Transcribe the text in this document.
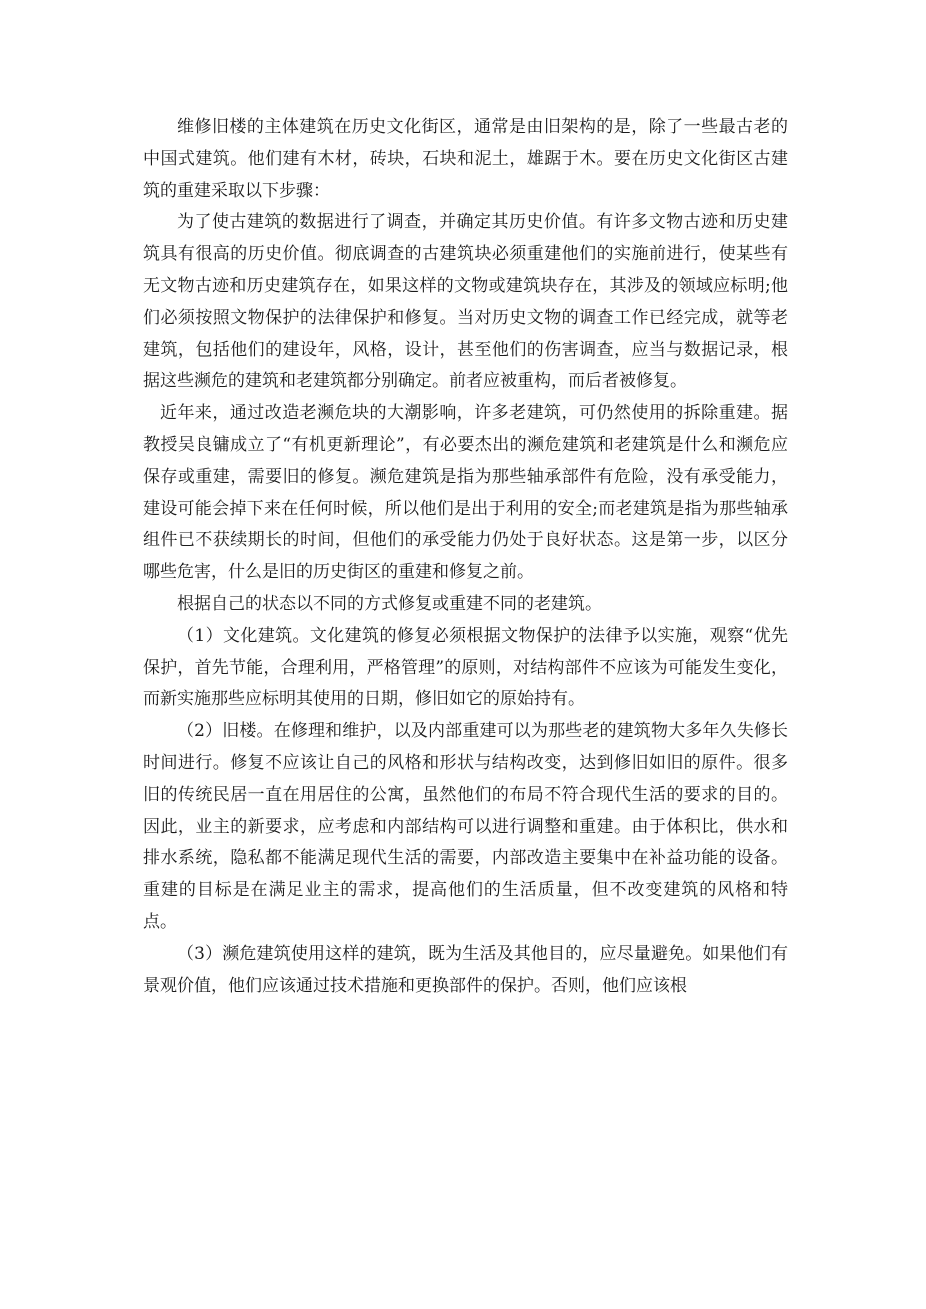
维修旧楼的主体建筑在历史文化街区，通常是由旧架构的是，除了一些最古老的中国式建筑。他们建有木材，砖块，石块和泥土，雄踞于木。要在历史文化街区古建筑的重建采取以下步骤：

为了使古建筑的数据进行了调查，并确定其历史价值。有许多文物古迹和历史建筑具有很高的历史价值。彻底调查的古建筑块必须重建他们的实施前进行，使某些有无文物古迹和历史建筑存在，如果这样的文物或建筑块存在，其涉及的领域应标明;他们必须按照文物保护的法律保护和修复。当对历史文物的调查工作已经完成，就等老建筑，包括他们的建设年，风格，设计，甚至他们的伤害调查，应当与数据记录，根据这些濒危的建筑和老建筑都分别确定。前者应被重构，而后者被修复。

近年来，通过改造老濒危块的大潮影响，许多老建筑，可仍然使用的拆除重建。据教授吴良镛成立了“有机更新理论”，有必要杰出的濒危建筑和老建筑是什么和濒危应保存或重建，需要旧的修复。濒危建筑是指为那些轴承部件有危险，没有承受能力，建设可能会掉下来在任何时候，所以他们是出于利用的安全;而老建筑是指为那些轴承组件已不获续期长的时间，但他们的承受能力仍处于良好状态。这是第一步，以区分哪些危害，什么是旧的历史街区的重建和修复之前。

根据自己的状态以不同的方式修复或重建不同的老建筑。

（1）文化建筑。文化建筑的修复必须根据文物保护的法律予以实施，观察“优先保护，首先节能，合理利用，严格管理”的原则，对结构部件不应该为可能发生变化，而新实施那些应标明其使用的日期，修旧如它的原始持有。

（2）旧楼。在修理和维护，以及内部重建可以为那些老的建筑物大多年久失修长时间进行。修复不应该让自己的风格和形状与结构改变，达到修旧如旧的原件。很多旧的传统民居一直在用居住的公寓，虽然他们的布局不符合现代生活的要求的目的。因此，业主的新要求，应考虑和内部结构可以进行调整和重建。由于体积比，供水和排水系统，隐私都不能满足现代生活的需要，内部改造主要集中在补益功能的设备。重建的目标是在满足业主的需求，提高他们的生活质量，但不改变建筑的风格和特点。

（3）濒危建筑使用这样的建筑，既为生活及其他目的，应尽量避免。如果他们有景观价值，他们应该通过技术措施和更换部件的保护。否则，他们应该根
